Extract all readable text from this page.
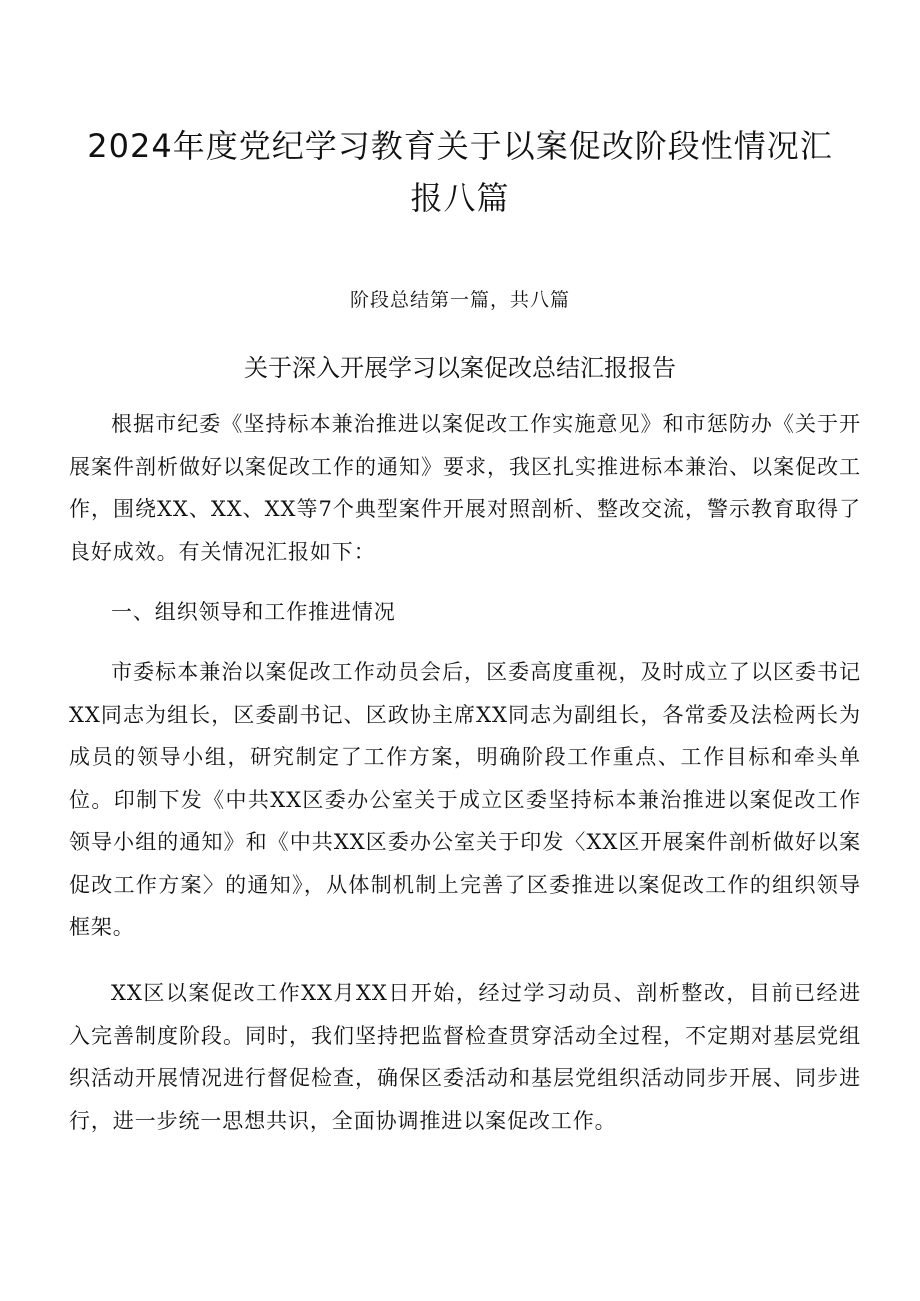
2024年度党纪学习教育关于以案促改阶段性情况汇
报八篇
阶段总结第一篇，共八篇
关于深入开展学习以案促改总结汇报报告

根据市纪委《坚持标本兼治推进以案促改工作实施意见》和市惩防办《关于开展案件剖析做好以案促改工作的通知》要求，我区扎实推进标本兼治、以案促改工作，围绕XX、XX、XX等7个典型案件开展对照剖析、整改交流，警示教育取得了良好成效。有关情况汇报如下：

一、组织领导和工作推进情况

市委标本兼治以案促改工作动员会后，区委高度重视，及时成立了以区委书记XX同志为组长，区委副书记、区政协主席XX同志为副组长，各常委及法检两长为成员的领导小组，研究制定了工作方案，明确阶段工作重点、工作目标和牵头单位。印制下发《中共XX区委办公室关于成立区委坚持标本兼治推进以案促改工作领导小组的通知》和《中共XX区委办公室关于印发〈XX区开展案件剖析做好以案促改工作方案〉的通知》，从体制机制上完善了区委推进以案促改工作的组织领导框架。

XX区以案促改工作XX月XX日开始，经过学习动员、剖析整改，目前已经进入完善制度阶段。同时，我们坚持把监督检查贯穿活动全过程，不定期对基层党组织活动开展情况进行督促检查，确保区委活动和基层党组织活动同步开展、同步进行，进一步统一思想共识，全面协调推进以案促改工作。
